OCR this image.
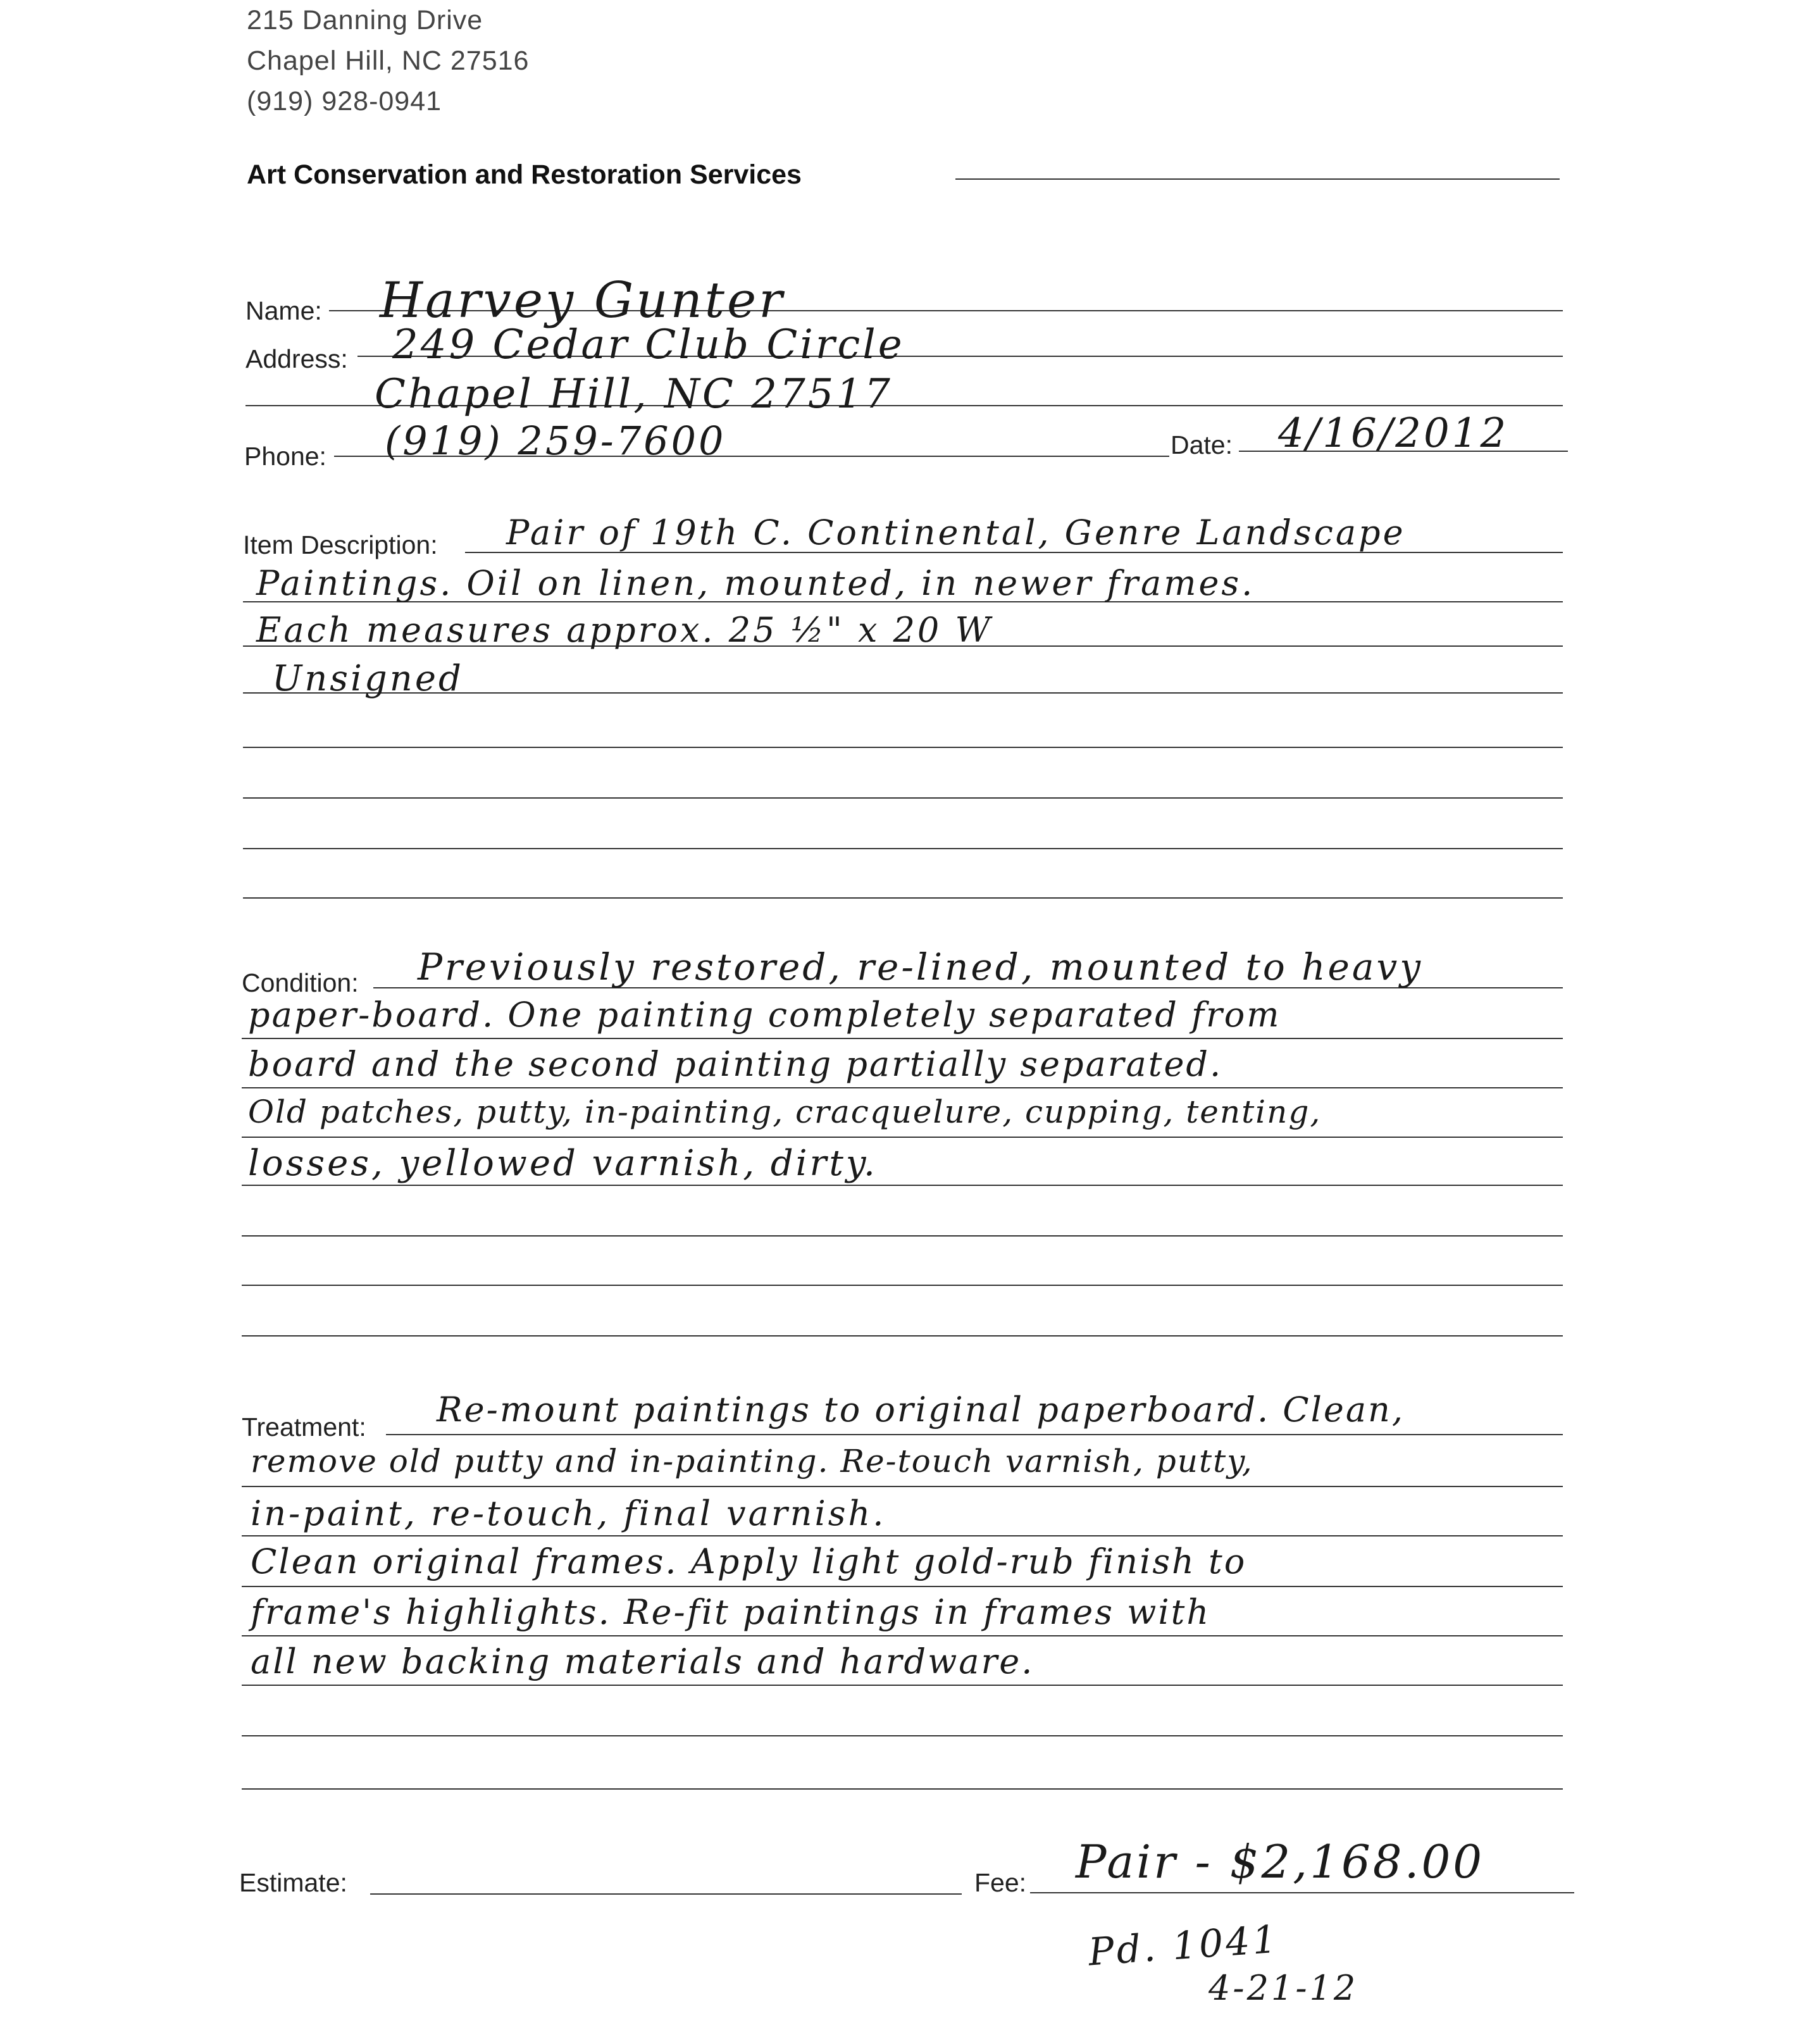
215 Danning Drive
Chapel Hill, NC 27516
(919) 928-0941
Art Conservation and Restoration Services
Name: Harvey Gunter
Address: 249 Cedar Club Circle
Chapel Hill, NC 27517
Phone: (919) 259-7600	Date: 4/16/2012
Item Description: Pair of 19th C. Continental, Genre Landscape
Paintings. Oil on linen, mounted, in newer frames.
Each measures approx. 25 ½" x 20 W
Unsigned
Condition: Previously restored, re-lined, mounted to heavy
paper-board. One painting completely separated from
board and the second painting partially separated.
Old patches, putty, in-painting, cracquelure, cupping, tenting,
losses, yellowed varnish, dirty.
Treatment: Re-mount paintings to original paperboard. Clean,
remove old putty and in-painting. Re-touch varnish, putty,
in-paint, re-touch, final varnish.
Clean original frames. Apply light gold-rub finish to
frame's highlights. Re-fit paintings in frames with
all new backing materials and hardware.
Estimate:	Fee: Pair - $2,168.00
Pd. 1041
4-21-12
